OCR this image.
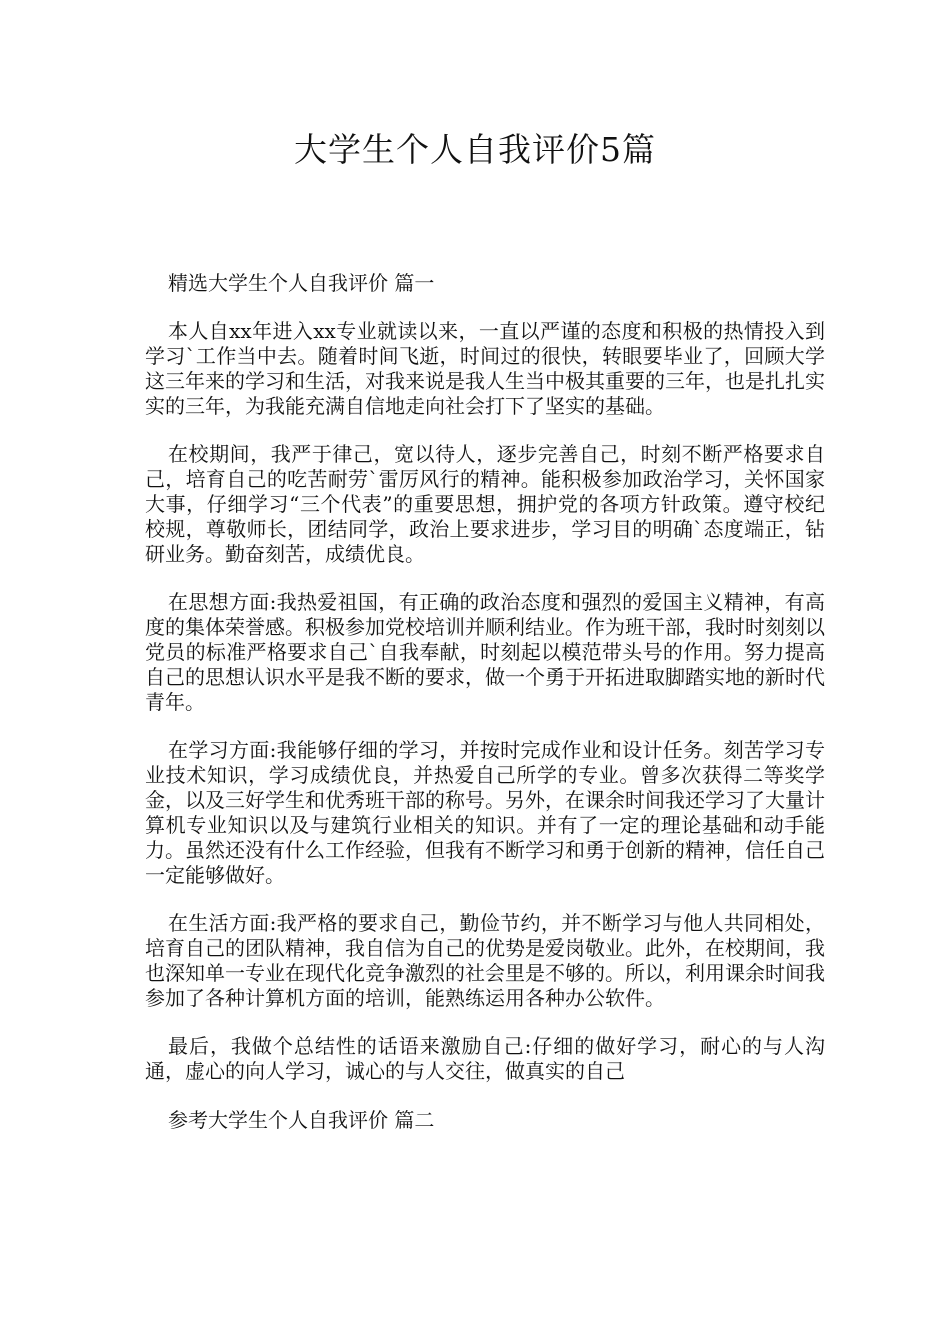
大学生个人自我评价5篇

精选大学生个人自我评价 篇一

本人自xx年进入xx专业就读以来，一直以严谨的态度和积极的热情投入到学习`工作当中去。随着时间飞逝，时间过的很快，转眼要毕业了，回顾大学这三年来的学习和生活，对我来说是我人生当中极其重要的三年，也是扎扎实实的三年，为我能充满自信地走向社会打下了坚实的基础。

在校期间，我严于律己，宽以待人，逐步完善自己，时刻不断严格要求自己，培育自己的吃苦耐劳`雷厉风行的精神。能积极参加政治学习，关怀国家大事，仔细学习“三个代表”的重要思想，拥护党的各项方针政策。遵守校纪校规，尊敬师长，团结同学，政治上要求进步，学习目的明确`态度端正，钻研业务。勤奋刻苦，成绩优良。

在思想方面:我热爱祖国，有正确的政治态度和强烈的爱国主义精神，有高度的集体荣誉感。积极参加党校培训并顺利结业。作为班干部，我时时刻刻以党员的标准严格要求自己`自我奉献，时刻起以模范带头号的作用。努力提高自己的思想认识水平是我不断的要求，做一个勇于开拓进取脚踏实地的新时代青年。

在学习方面:我能够仔细的学习，并按时完成作业和设计任务。刻苦学习专业技术知识，学习成绩优良，并热爱自己所学的专业。曾多次获得二等奖学金，以及三好学生和优秀班干部的称号。另外，在课余时间我还学习了大量计算机专业知识以及与建筑行业相关的知识。并有了一定的理论基础和动手能力。虽然还没有什么工作经验，但我有不断学习和勇于创新的精神，信任自己一定能够做好。

在生活方面:我严格的要求自己，勤俭节约，并不断学习与他人共同相处，培育自己的团队精神，我自信为自己的优势是爱岗敬业。此外，在校期间，我也深知单一专业在现代化竞争激烈的社会里是不够的。所以，利用课余时间我参加了各种计算机方面的培训，能熟练运用各种办公软件。

最后，我做个总结性的话语来激励自己:仔细的做好学习，耐心的与人沟通，虚心的向人学习，诚心的与人交往，做真实的自己

参考大学生个人自我评价 篇二
